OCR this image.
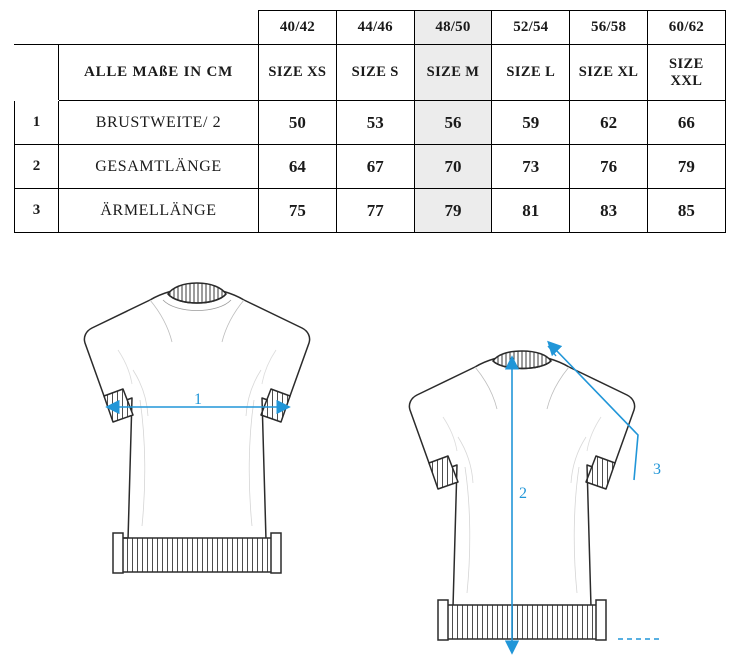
		40/42	44/46	48/50	52/54	56/58	60/62
	ALLE MAßE IN CM	SIZE XS	SIZE S	SIZE M	SIZE L	SIZE XL	SIZE
XXL

1	BRUSTWEITE/ 2	50	53	56	59	62	66
2	GESAMTLÄNGE	64	67	70	73	76	79
3	ÄRMELLÄNGE	75	77	79	81	83	85
1
2
3
